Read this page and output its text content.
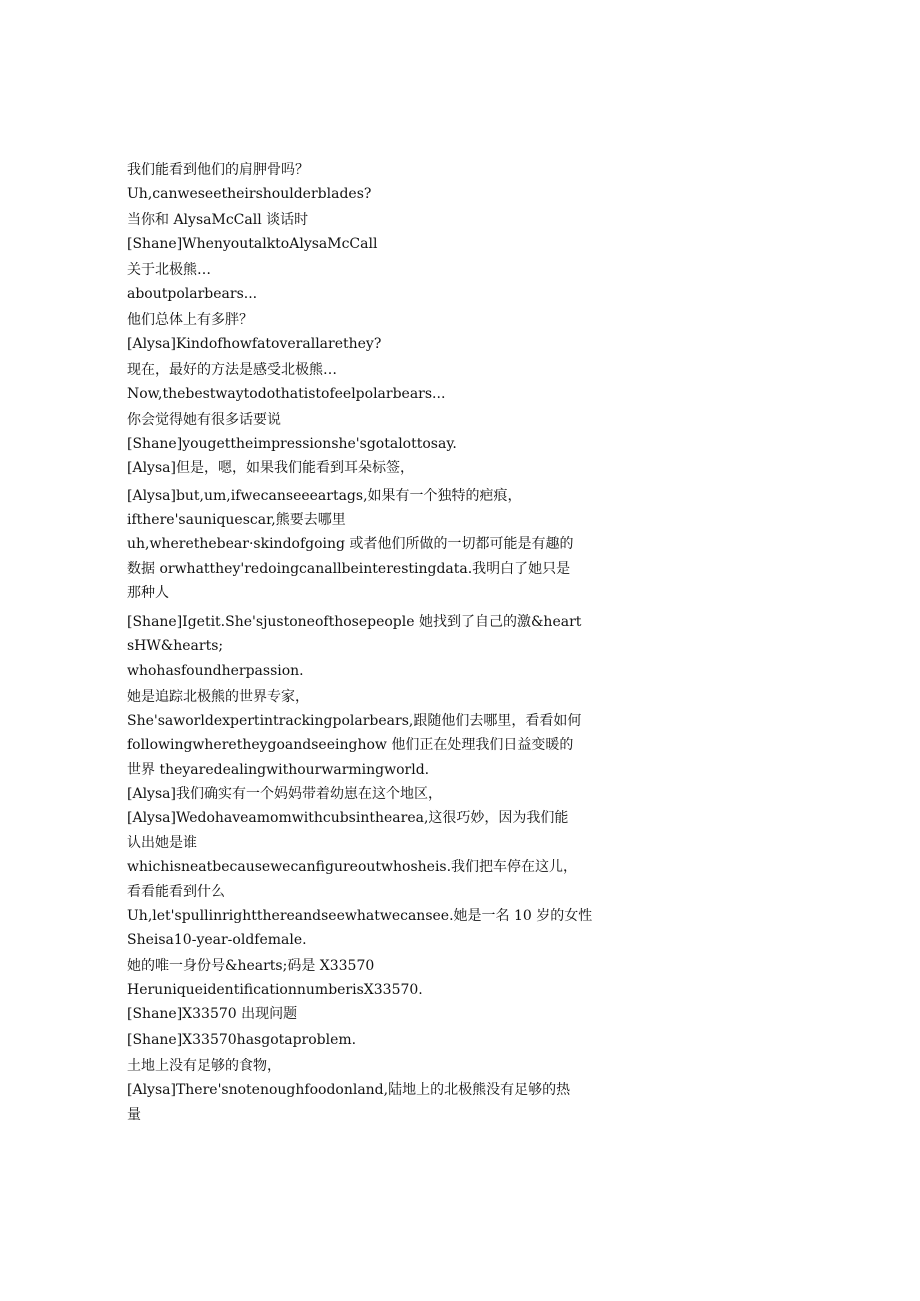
我们能看到他们的肩胛骨吗？
Uh,canweseetheirshoulderblades?
当你和 AlysaMcCall 谈话时
[Shane]WhenyoutalktoAlysaMcCall
关于北极熊…
aboutpolarbears...
他们总体上有多胖？
[Alysa]Kindofhowfatoverallarethey?
现在，最好的方法是感受北极熊…
Now,thebestwaytodothatistofeelpolarbears...
你会觉得她有很多话要说
[Shane]yougettheimpressionshe'sgotalottosay.
[Alysa]但是，嗯，如果我们能看到耳朵标签，
[Alysa]but,um,ifwecanseeeartags,如果有一个独特的疤痕，
ifthere'sauniquescar,熊要去哪里
uh,wherethebear·skindofgoing 或者他们所做的一切都可能是有趣的数据 orwhatthey'redoingcanallbeinterestingdata.我明白了她只是那种人
[Shane]Igetit.She'sjustoneofthosepeople 她找到了自己的激&heartsHW&hearts;
whohasfoundherpassion.
她是追踪北极熊的世界专家，
She'saworldexpertintrackingpolarbears,跟随他们去哪里，看看如何 followingwheretheygoandseeinghow 他们正在处理我们日益变暖的世界 theyaredealingwithourwarmingworld.
[Alysa]我们确实有一个妈妈带着幼崽在这个地区，
[Alysa]Wedohaveamomwithcubsinthearea,这很巧妙，因为我们能认出她是谁
whichisneatbecausewecanfigureoutwhosheis.我们把车停在这儿，看看能看到什么
Uh,let'spullinrightthereandseewhatwecansee.她是一名 10 岁的女性
Sheisa10-year-oldfemale.
她的唯一身份号&hearts;码是 X33570
HeruniqueidentificationnumberisX33570.
[Shane]X33570 出现问题
[Shane]X33570hasgotaproblem.
土地上没有足够的食物，
[Alysa]There'snotenoughfoodonland,陆地上的北极熊没有足够的热量
